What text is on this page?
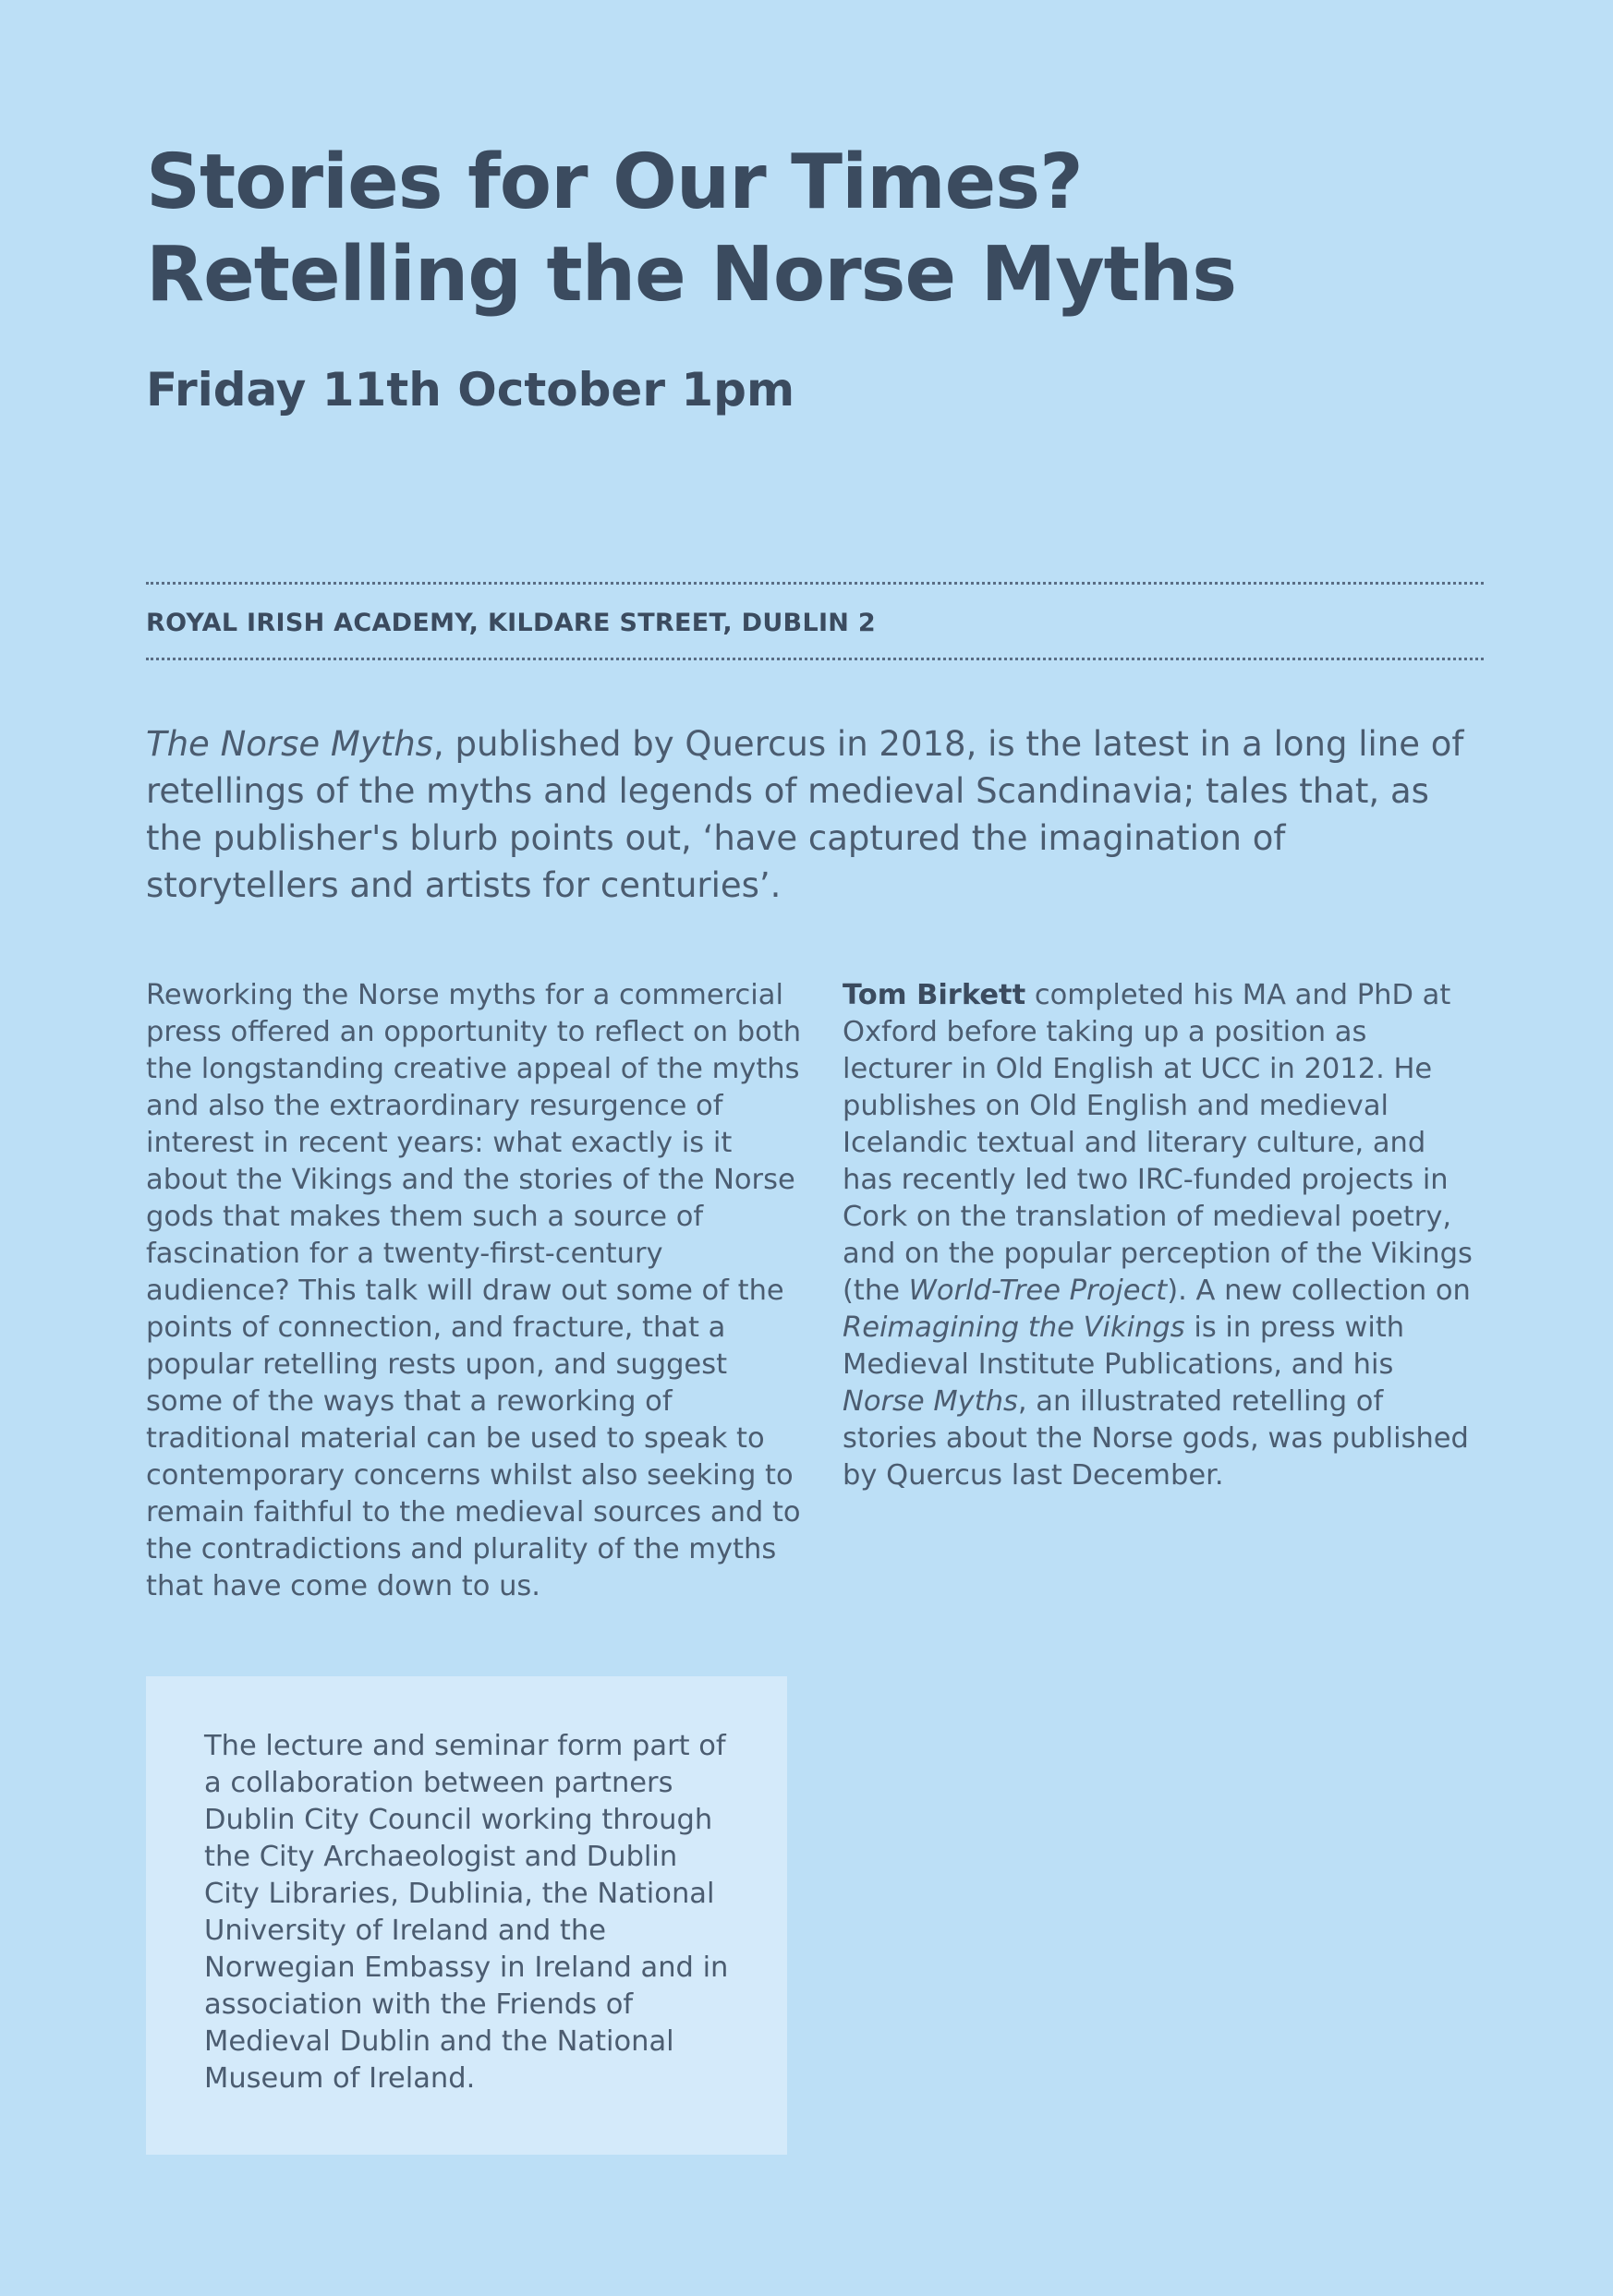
Stories for Our Times?
Retelling the Norse Myths
Friday 11th October 1pm
ROYAL IRISH ACADEMY, KILDARE STREET, DUBLIN 2

The Norse Myths, published by Quercus in 2018, is the latest in a long line of retellings of the myths and legends of medieval Scandinavia; tales that, as the publisher's blurb points out, ‘have captured the imagination of storytellers and artists for centuries’.

Reworking the Norse myths for a commercial press offered an opportunity to reflect on both the longstanding creative appeal of the myths and also the extraordinary resurgence of interest in recent years: what exactly is it about the Vikings and the stories of the Norse gods that makes them such a source of fascination for a twenty-first-century audience? This talk will draw out some of the points of connection, and fracture, that a popular retelling rests upon, and suggest some of the ways that a reworking of traditional material can be used to speak to contemporary concerns whilst also seeking to remain faithful to the medieval sources and to the contradictions and plurality of the myths that have come down to us.

Tom Birkett completed his MA and PhD at Oxford before taking up a position as lecturer in Old English at UCC in 2012. He publishes on Old English and medieval Icelandic textual and literary culture, and has recently led two IRC-funded projects in Cork on the translation of medieval poetry, and on the popular perception of the Vikings (the World-Tree Project). A new collection on Reimagining the Vikings is in press with Medieval Institute Publications, and his Norse Myths, an illustrated retelling of stories about the Norse gods, was published by Quercus last December.

The lecture and seminar form part of a collaboration between partners Dublin City Council working through the City Archaeologist and Dublin City Libraries, Dublinia, the National University of Ireland and the Norwegian Embassy in Ireland and in association with the Friends of Medieval Dublin and the National Museum of Ireland.
